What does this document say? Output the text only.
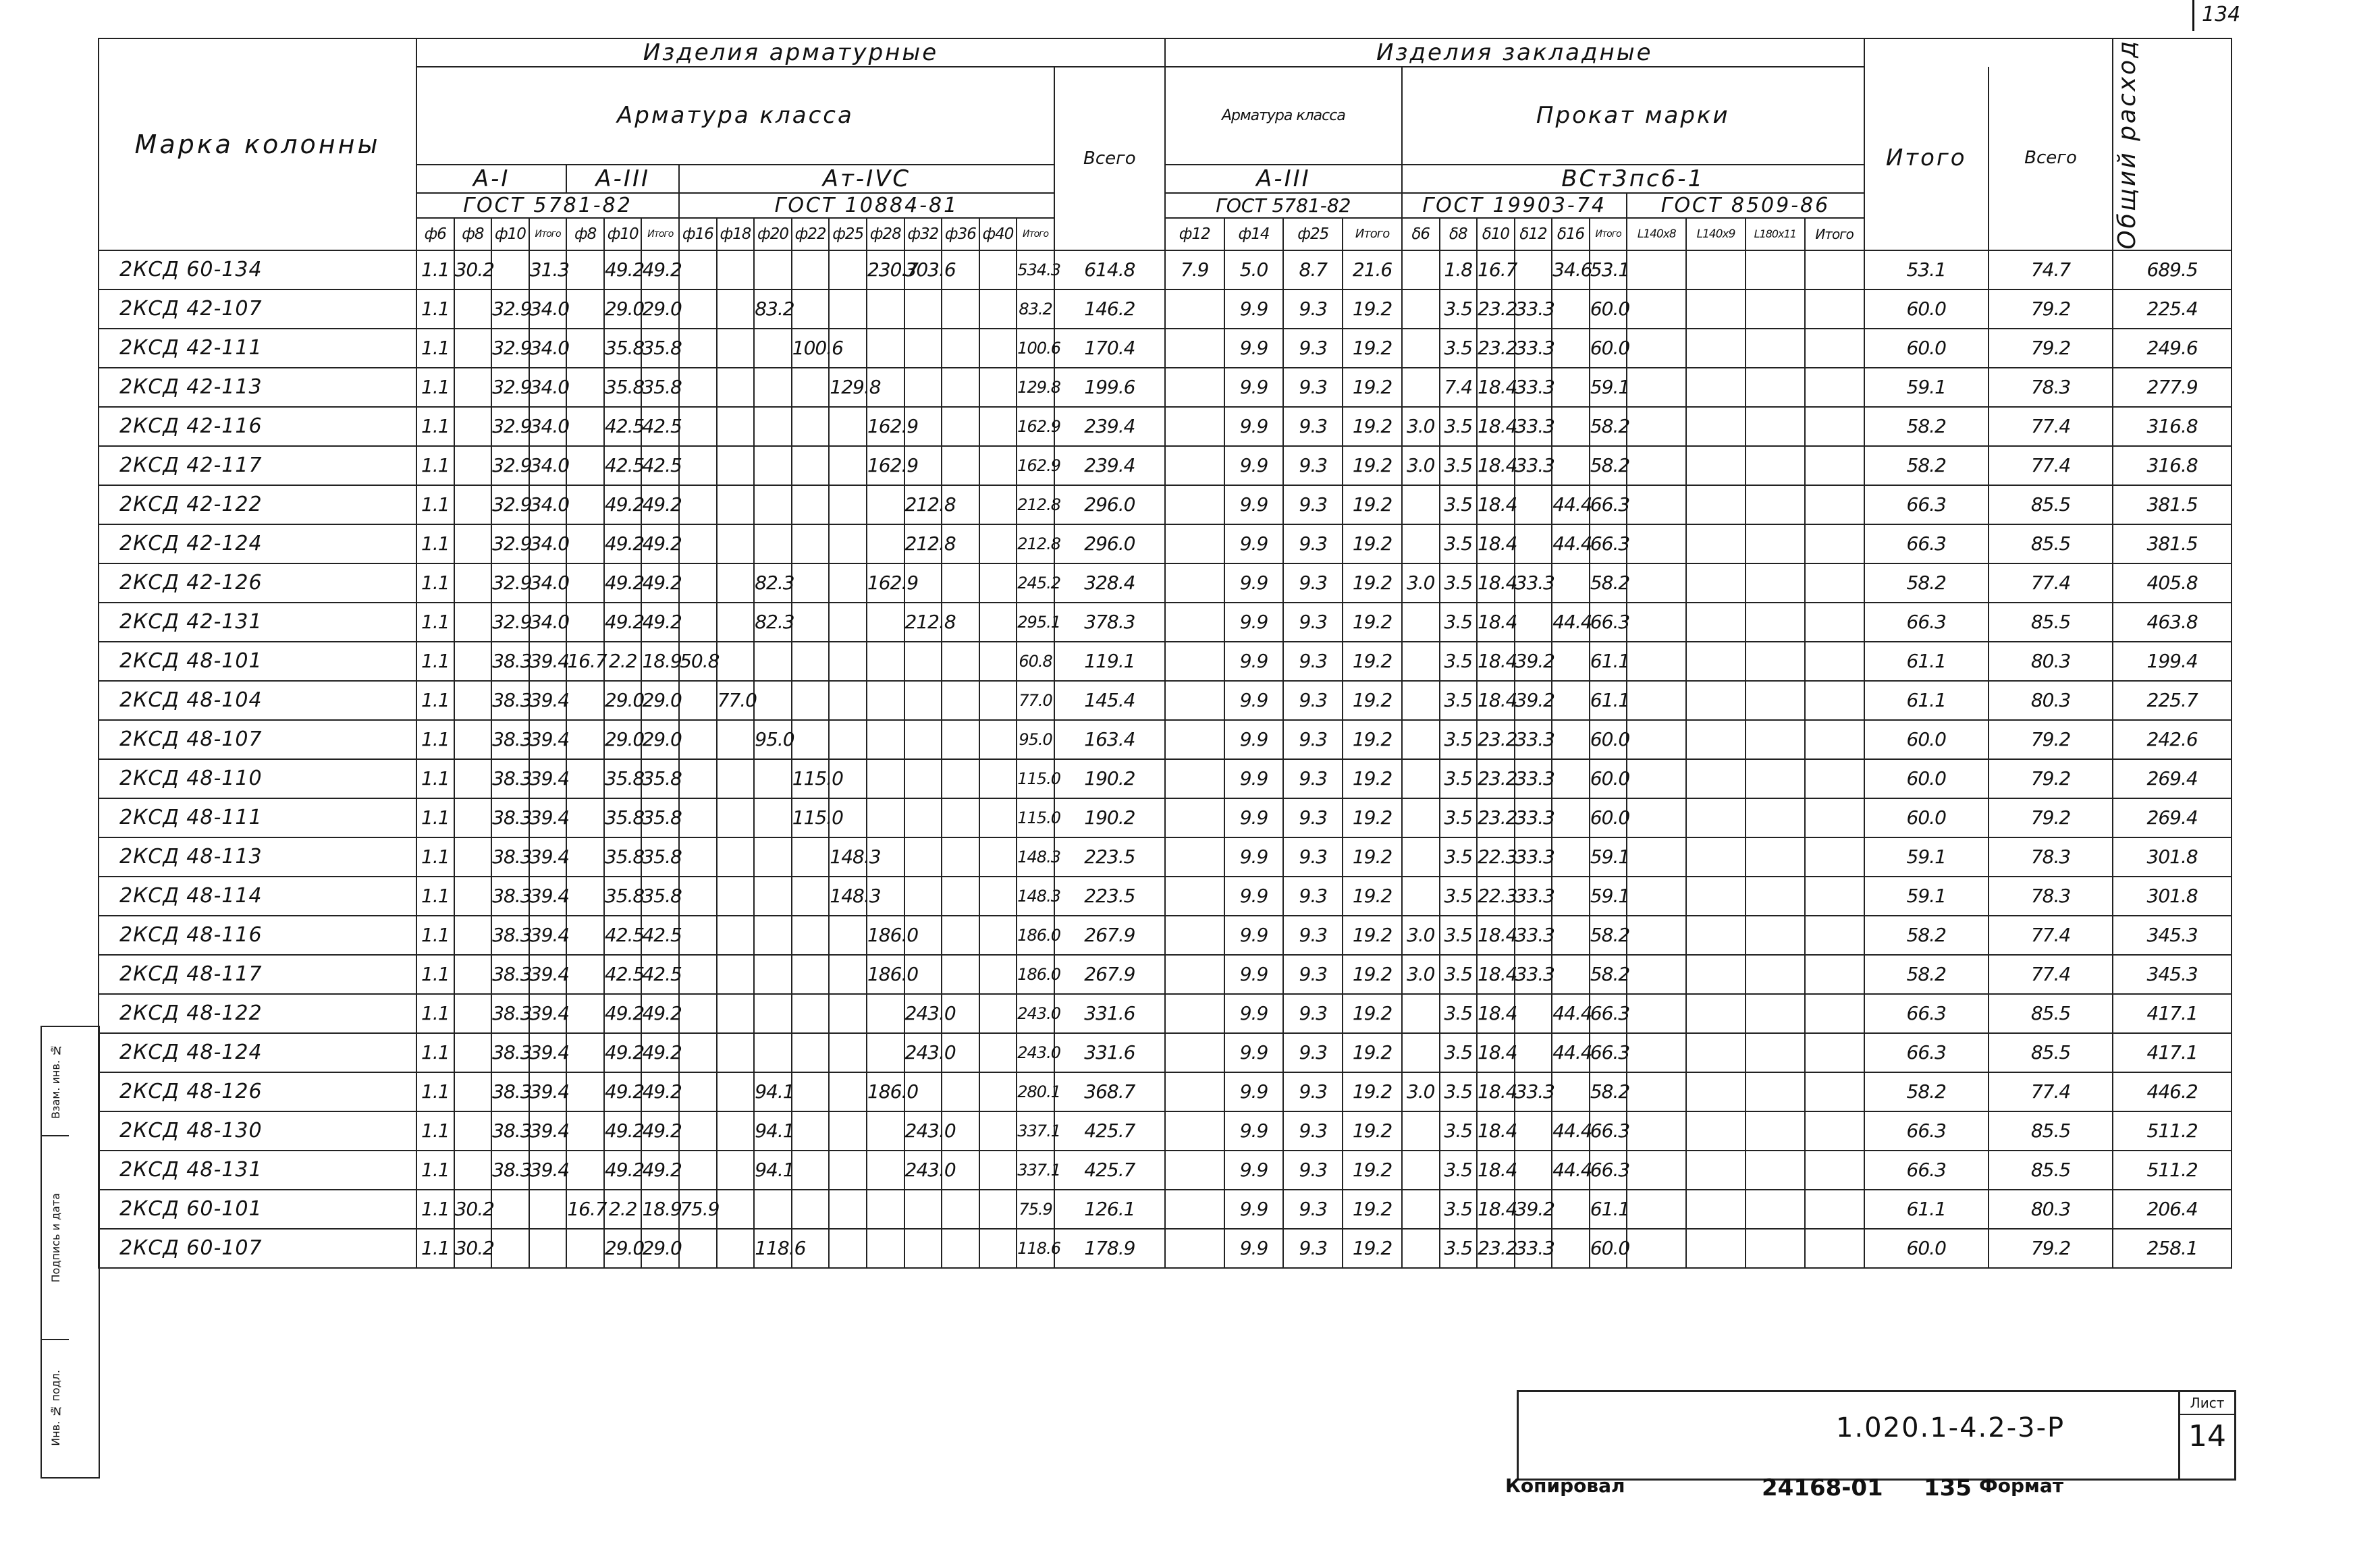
134
Марка колонны	Изделия арматурные																		Изделия закладные																Общий расход

	Арматура класса																	Всего	Арматура класса				Прокат марки										Итого	Всего	
	А-I				А-III			Ат-IVС											А-III				ВСт3пс6-1												
	ГОСТ 5781-82							ГОСТ 10884-81											ГОСТ 5781-82				ГОСТ 19903-74						ГОСТ 8509-86						
	ф6	ф8	ф10	Итого	ф8	ф10	Итого	ф16	ф18	ф20	ф22	ф25	ф28	ф32	ф36	ф40	Итого		ф12	ф14	ф25	Итого	δ6	δ8	δ10	δ12	δ16	Итого	L140x8	L140x9	L180x11	Итого			
2КСД 60-134	1.1	30.2		31.3		49.2	49.2						230.7	303.6			534.3	614.8	7.9	5.0	8.7	21.6		1.8	16.7		34.6	53.1					53.1	74.7	689.5
2КСД 42-107	1.1		32.9	34.0		29.0	29.0			83.2							83.2	146.2		9.9	9.3	19.2		3.5	23.2	33.3		60.0					60.0	79.2	225.4
2КСД 42-111	1.1		32.9	34.0		35.8	35.8				100.6						100.6	170.4		9.9	9.3	19.2		3.5	23.2	33.3		60.0					60.0	79.2	249.6
2КСД 42-113	1.1		32.9	34.0		35.8	35.8					129.8					129.8	199.6		9.9	9.3	19.2		7.4	18.4	33.3		59.1					59.1	78.3	277.9
2КСД 42-116	1.1		32.9	34.0		42.5	42.5						162.9				162.9	239.4		9.9	9.3	19.2	3.0	3.5	18.4	33.3		58.2					58.2	77.4	316.8
2КСД 42-117	1.1		32.9	34.0		42.5	42.5						162.9				162.9	239.4		9.9	9.3	19.2	3.0	3.5	18.4	33.3		58.2					58.2	77.4	316.8
2КСД 42-122	1.1		32.9	34.0		49.2	49.2							212.8			212.8	296.0		9.9	9.3	19.2		3.5	18.4		44.4	66.3					66.3	85.5	381.5
2КСД 42-124	1.1		32.9	34.0		49.2	49.2							212.8			212.8	296.0		9.9	9.3	19.2		3.5	18.4		44.4	66.3					66.3	85.5	381.5
2КСД 42-126	1.1		32.9	34.0		49.2	49.2			82.3			162.9				245.2	328.4		9.9	9.3	19.2	3.0	3.5	18.4	33.3		58.2					58.2	77.4	405.8
2КСД 42-131	1.1		32.9	34.0		49.2	49.2			82.3				212.8			295.1	378.3		9.9	9.3	19.2		3.5	18.4		44.4	66.3					66.3	85.5	463.8
2КСД 48-101	1.1		38.3	39.4	16.7	2.2	18.9	50.8									60.8	119.1		9.9	9.3	19.2		3.5	18.4	39.2		61.1					61.1	80.3	199.4
2КСД 48-104	1.1		38.3	39.4		29.0	29.0		77.0								77.0	145.4		9.9	9.3	19.2		3.5	18.4	39.2		61.1					61.1	80.3	225.7
2КСД 48-107	1.1		38.3	39.4		29.0	29.0			95.0							95.0	163.4		9.9	9.3	19.2		3.5	23.2	33.3		60.0					60.0	79.2	242.6
2КСД 48-110	1.1		38.3	39.4		35.8	35.8				115.0						115.0	190.2		9.9	9.3	19.2		3.5	23.2	33.3		60.0					60.0	79.2	269.4
2КСД 48-111	1.1		38.3	39.4		35.8	35.8				115.0						115.0	190.2		9.9	9.3	19.2		3.5	23.2	33.3		60.0					60.0	79.2	269.4
2КСД 48-113	1.1		38.3	39.4		35.8	35.8					148.3					148.3	223.5		9.9	9.3	19.2		3.5	22.3	33.3		59.1					59.1	78.3	301.8
2КСД 48-114	1.1		38.3	39.4		35.8	35.8					148.3					148.3	223.5		9.9	9.3	19.2		3.5	22.3	33.3		59.1					59.1	78.3	301.8
2КСД 48-116	1.1		38.3	39.4		42.5	42.5						186.0				186.0	267.9		9.9	9.3	19.2	3.0	3.5	18.4	33.3		58.2					58.2	77.4	345.3
2КСД 48-117	1.1		38.3	39.4		42.5	42.5						186.0				186.0	267.9		9.9	9.3	19.2	3.0	3.5	18.4	33.3		58.2					58.2	77.4	345.3
2КСД 48-122	1.1		38.3	39.4		49.2	49.2							243.0			243.0	331.6		9.9	9.3	19.2		3.5	18.4		44.4	66.3					66.3	85.5	417.1
2КСД 48-124	1.1		38.3	39.4		49.2	49.2							243.0			243.0	331.6		9.9	9.3	19.2		3.5	18.4		44.4	66.3					66.3	85.5	417.1
2КСД 48-126	1.1		38.3	39.4		49.2	49.2			94.1			186.0				280.1	368.7		9.9	9.3	19.2	3.0	3.5	18.4	33.3		58.2					58.2	77.4	446.2
2КСД 48-130	1.1		38.3	39.4		49.2	49.2			94.1				243.0			337.1	425.7		9.9	9.3	19.2		3.5	18.4		44.4	66.3					66.3	85.5	511.2
2КСД 48-131	1.1		38.3	39.4		49.2	49.2			94.1				243.0			337.1	425.7		9.9	9.3	19.2		3.5	18.4		44.4	66.3					66.3	85.5	511.2
2КСД 60-101	1.1	30.2			16.7	2.2	18.9	75.9									75.9	126.1		9.9	9.3	19.2		3.5	18.4	39.2		61.1					61.1	80.3	206.4
2КСД 60-107	1.1	30.2				29.0	29.0			118.6							118.6	178.9		9.9	9.3	19.2		3.5	23.2	33.3		60.0					60.0	79.2	258.1
Взам. инв. №
Подпись и дата
Инв. № подл.	1.020.1-4.2-3-Р
Лист
14
Копировал	24168-01 135 Формат
